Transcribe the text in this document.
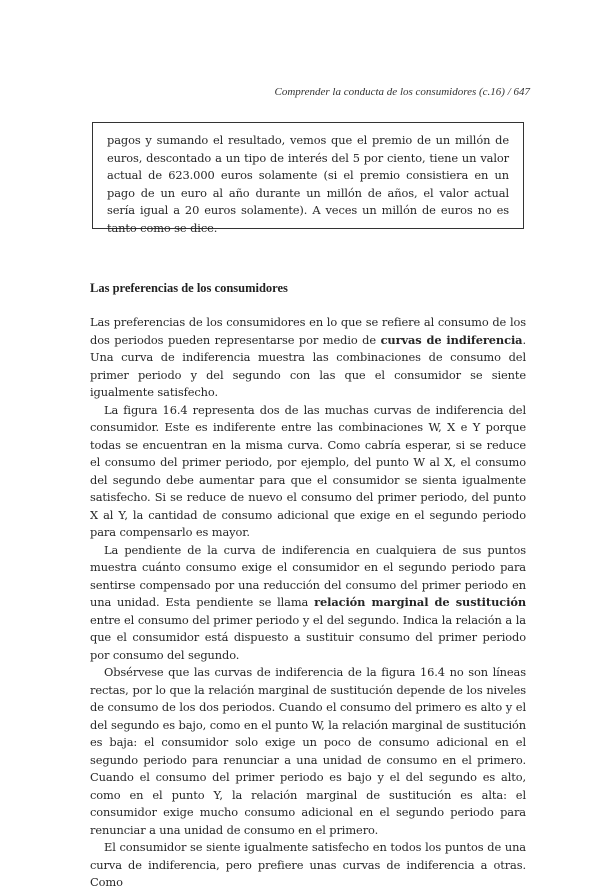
Comprender la conducta de los consumidores (c.16) / 647

pagos y sumando el resultado, vemos que el premio de un millón de euros, descontado a un tipo de interés del 5 por ciento, tiene un valor actual de 623.000 euros solamente (si el premio consistiera en un pago de un euro al año durante un millón de años, el valor actual sería igual a 20 euros solamente). A veces un millón de euros no es tanto como se dice.

Las preferencias de los consumidores

Las preferencias de los consumidores en lo que se refiere al consumo de los dos periodos pueden representarse por medio de curvas de indiferencia. Una curva de indiferencia muestra las combinaciones de consumo del primer periodo y del segundo con las que el consumidor se siente igualmente satisfecho.

La figura 16.4 representa dos de las muchas curvas de indiferencia del consumidor. Este es indiferente entre las combinaciones W, X e Y porque todas se encuentran en la misma curva. Como cabría esperar, si se reduce el consumo del primer periodo, por ejemplo, del punto W al X, el consumo del segundo debe aumentar para que el consumidor se sienta igualmente satisfecho. Si se reduce de nuevo el consumo del primer periodo, del punto X al Y, la cantidad de consumo adicional que exige en el segundo periodo para compensarlo es mayor.

La pendiente de la curva de indiferencia en cualquiera de sus puntos muestra cuánto consumo exige el consumidor en el segundo periodo para sentirse compensado por una reducción del consumo del primer periodo en una unidad. Esta pendiente se llama relación marginal de sustitución entre el consumo del primer periodo y el del segundo. Indica la relación a la que el consumidor está dispuesto a sustituir consumo del primer periodo por consumo del segundo.

Obsérvese que las curvas de indiferencia de la figura 16.4 no son líneas rectas, por lo que la relación marginal de sustitución depende de los niveles de consumo de los dos periodos. Cuando el consumo del primero es alto y el del segundo es bajo, como en el punto W, la relación marginal de sustitución es baja: el consumidor solo exige un poco de consumo adicional en el segundo periodo para renunciar a una unidad de consumo en el primero. Cuando el consumo del primer periodo es bajo y el del segundo es alto, como en el punto Y, la relación marginal de sustitución es alta: el consumidor exige mucho consumo adicional en el segundo periodo para renunciar a una unidad de consumo en el primero.

El consumidor se siente igualmente satisfecho en todos los puntos de una curva de indiferencia, pero prefiere unas curvas de indiferencia a otras. Como
